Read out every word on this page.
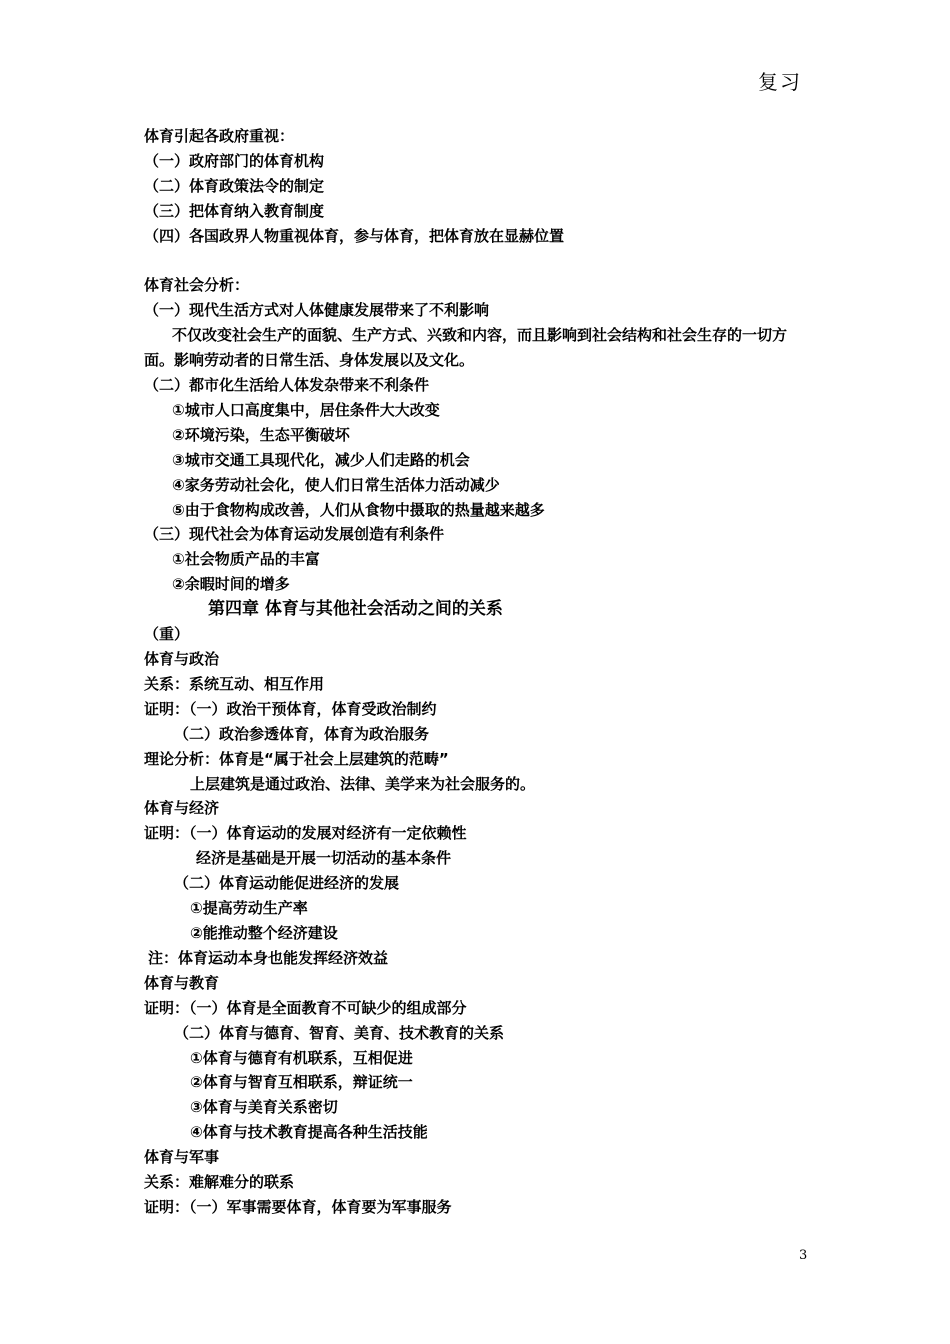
复习
体育引起各政府重视：
（一）政府部门的体育机构
（二）体育政策法令的制定
（三）把体育纳入教育制度
（四）各国政界人物重视体育，参与体育，把体育放在显赫位置
体育社会分析：
（一）现代生活方式对人体健康发展带来了不利影响
不仅改变社会生产的面貌、生产方式、兴致和内容，而且影响到社会结构和社会生存的一切方面。影响劳动者的日常生活、身体发展以及文化。
（二）都市化生活给人体发杂带来不利条件
①城市人口高度集中，居住条件大大改变
②环境污染，生态平衡破坏
③城市交通工具现代化，减少人们走路的机会
④家务劳动社会化，使人们日常生活体力活动减少
⑤由于食物构成改善，人们从食物中摄取的热量越来越多
（三）现代社会为体育运动发展创造有利条件
①社会物质产品的丰富
②余暇时间的增多
第四章 体育与其他社会活动之间的关系
（重）
体育与政治
关系：系统互动、相互作用
证明：（一）政治干预体育，体育受政治制约
（二）政治参透体育，体育为政治服务
理论分析：体育是“属于社会上层建筑的范畴”
上层建筑是通过政治、法律、美学来为社会服务的。
体育与经济
证明：（一）体育运动的发展对经济有一定依赖性
经济是基础是开展一切活动的基本条件
（二）体育运动能促进经济的发展
①提高劳动生产率
②能推动整个经济建设
注：体育运动本身也能发挥经济效益
体育与教育
证明：（一）体育是全面教育不可缺少的组成部分
（二）体育与德育、智育、美育、技术教育的关系
①体育与德育有机联系，互相促进
②体育与智育互相联系，辩证统一
③体育与美育关系密切
④体育与技术教育提高各种生活技能
体育与军事
关系：难解难分的联系
证明：（一）军事需要体育，体育要为军事服务
3
